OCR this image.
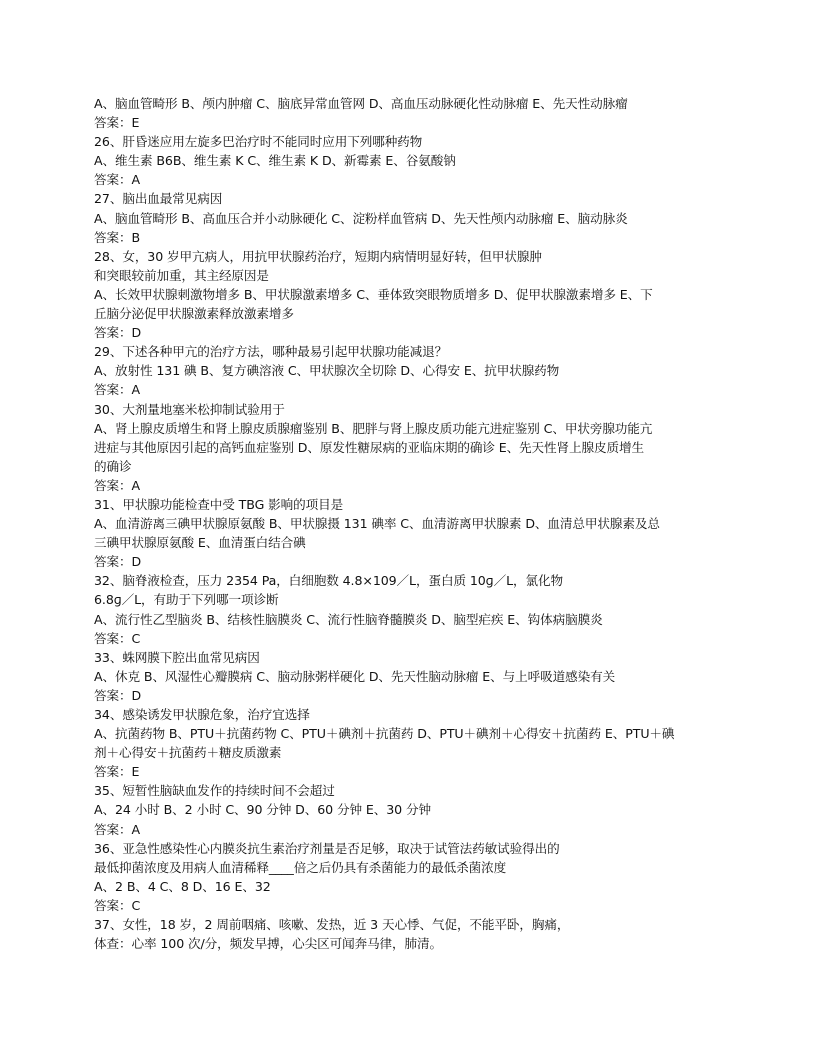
A、脑血管畸形 B、颅内肿瘤 C、脑底异常血管网 D、高血压动脉硬化性动脉瘤 E、先天性动脉瘤
答案：E
26、肝昏迷应用左旋多巴治疗时不能同时应用下列哪种药物
A、维生素 B6B、维生素 K C、维生素 K D、新霉素 E、谷氨酸钠
答案：A
27、脑出血最常见病因
A、脑血管畸形 B、高血压合并小动脉硬化 C、淀粉样血管病 D、先天性颅内动脉瘤 E、脑动脉炎
答案：B
28、女，30 岁甲亢病人，用抗甲状腺药治疗，短期内病情明显好转，但甲状腺肿
和突眼较前加重，其主经原因是
A、长效甲状腺刺激物增多 B、甲状腺激素增多 C、垂体致突眼物质增多 D、促甲状腺激素增多 E、下
丘脑分泌促甲状腺激素释放激素增多
答案：D
29、下述各种甲亢的治疗方法，哪种最易引起甲状腺功能减退？
A、放射性 131 碘 B、复方碘溶液 C、甲状腺次全切除 D、心得安 E、抗甲状腺药物
答案：A
30、大剂量地塞米松抑制试验用于
A、肾上腺皮质增生和肾上腺皮质腺瘤鉴别 B、肥胖与肾上腺皮质功能亢进症鉴别 C、甲状旁腺功能亢
进症与其他原因引起的高钙血症鉴别 D、原发性糖尿病的亚临床期的确诊 E、先天性肾上腺皮质增生
的确诊
答案：A
31、甲状腺功能检查中受 TBG 影响的项目是
A、血清游离三碘甲状腺原氨酸 B、甲状腺摄 131 碘率 C、血清游离甲状腺素 D、血清总甲状腺素及总
三碘甲状腺原氨酸 E、血清蛋白结合碘
答案：D
32、脑脊液检查，压力 2354 Pa，白细胞数 4.8×109／L，蛋白质 10ɡ／L，氯化物
6.8ɡ／L，有助于下列哪一项诊断
A、流行性乙型脑炎 B、结核性脑膜炎 C、流行性脑脊髓膜炎 D、脑型疟疾 E、钩体病脑膜炎
答案：C
33、蛛网膜下腔出血常见病因
A、休克 B、风湿性心瓣膜病 C、脑动脉粥样硬化 D、先天性脑动脉瘤 E、与上呼吸道感染有关
答案：D
34、感染诱发甲状腺危象，治疗宜选择
A、抗菌药物 B、PTU＋抗菌药物 C、PTU＋碘剂＋抗菌药 D、PTU＋碘剂＋心得安＋抗菌药 E、PTU＋碘
剂＋心得安＋抗菌药＋糖皮质激素
答案：E
35、短暂性脑缺血发作的持续时间不会超过
A、24 小时 B、2 小时 C、90 分钟 D、60 分钟 E、30 分钟
答案：A
36、亚急性感染性心内膜炎抗生素治疗剂量是否足够，取决于试管法药敏试验得出的
最低抑菌浓度及用病人血清稀释____倍之后仍具有杀菌能力的最低杀菌浓度
A、2 B、4 C、8 D、16 E、32
答案：C
37、女性，18 岁，2 周前咽痛、咳嗽、发热，近 3 天心悸、气促，不能平卧，胸痛，
体查：心率 100 次/分，频发早搏，心尖区可闻奔马律，肺清。
